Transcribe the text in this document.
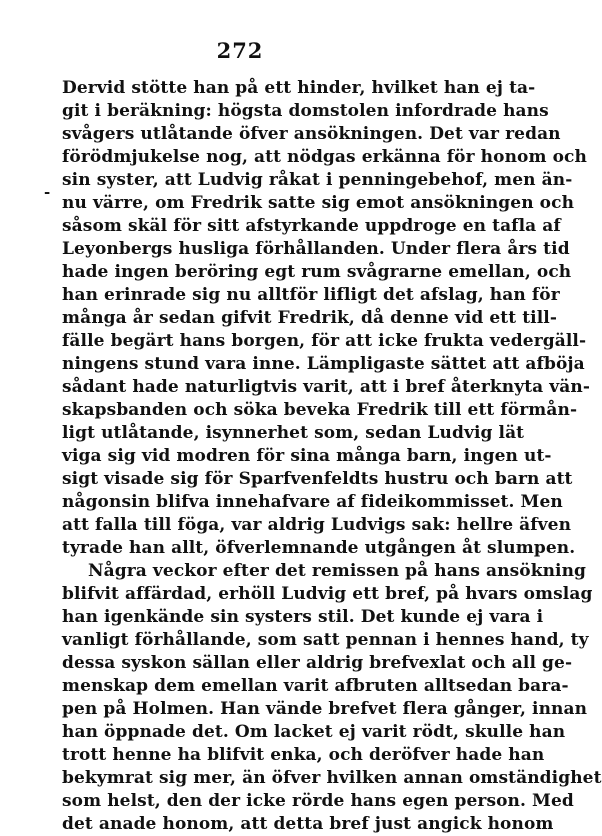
272
-
Dervid stötte han på ett hinder, hvilket han ej ta-
git i beräkning: högsta domstolen infordrade hans
svågers utlåtande öfver ansökningen. Det var redan
förödmjukelse nog, att nödgas erkänna för honom och
sin syster, att Ludvig råkat i penningebehof, men än-
nu värre, om Fredrik satte sig emot ansökningen och
såsom skäl för sitt afstyrkande uppdroge en tafla af
Leyonbergs husliga förhållanden. Under flera års tid
hade ingen beröring egt rum svågrarne emellan, och
han erinrade sig nu alltför lifligt det afslag, han för
många år sedan gifvit Fredrik, då denne vid ett till-
fälle begärt hans borgen, för att icke frukta vedergäll-
ningens stund vara inne. Lämpligaste sättet att afböja
sådant hade naturligtvis varit, att i bref återknyta vän-
skapsbanden och söka beveka Fredrik till ett förmån-
ligt utlåtande, isynnerhet som, sedan Ludvig lät
viga sig vid modren för sina många barn, ingen ut-
sigt visade sig för Sparfvenfeldts hustru och barn att
någonsin blifva innehafvare af fideikommisset. Men
att falla till föga, var aldrig Ludvigs sak: hellre äfven
tyrade han allt, öfverlemnande utgången åt slumpen.
Några veckor efter det remissen på hans ansökning
blifvit affärdad, erhöll Ludvig ett bref, på hvars omslag
han igenkände sin systers stil. Det kunde ej vara i
vanligt förhållande, som satt pennan i hennes hand, ty
dessa syskon sällan eller aldrig brefvexlat och all ge-
menskap dem emellan varit afbruten alltsedan bara-
pen på Holmen. Han vände brefvet flera gånger, innan
han öppnade det. Om lacket ej varit rödt, skulle han
trott henne ha blifvit enka, och deröfver hade han
bekymrat sig mer, än öfver hvilken annan omständighet
som helst, den der icke rörde hans egen person. Med
det anade honom, att detta bref just angick honom
